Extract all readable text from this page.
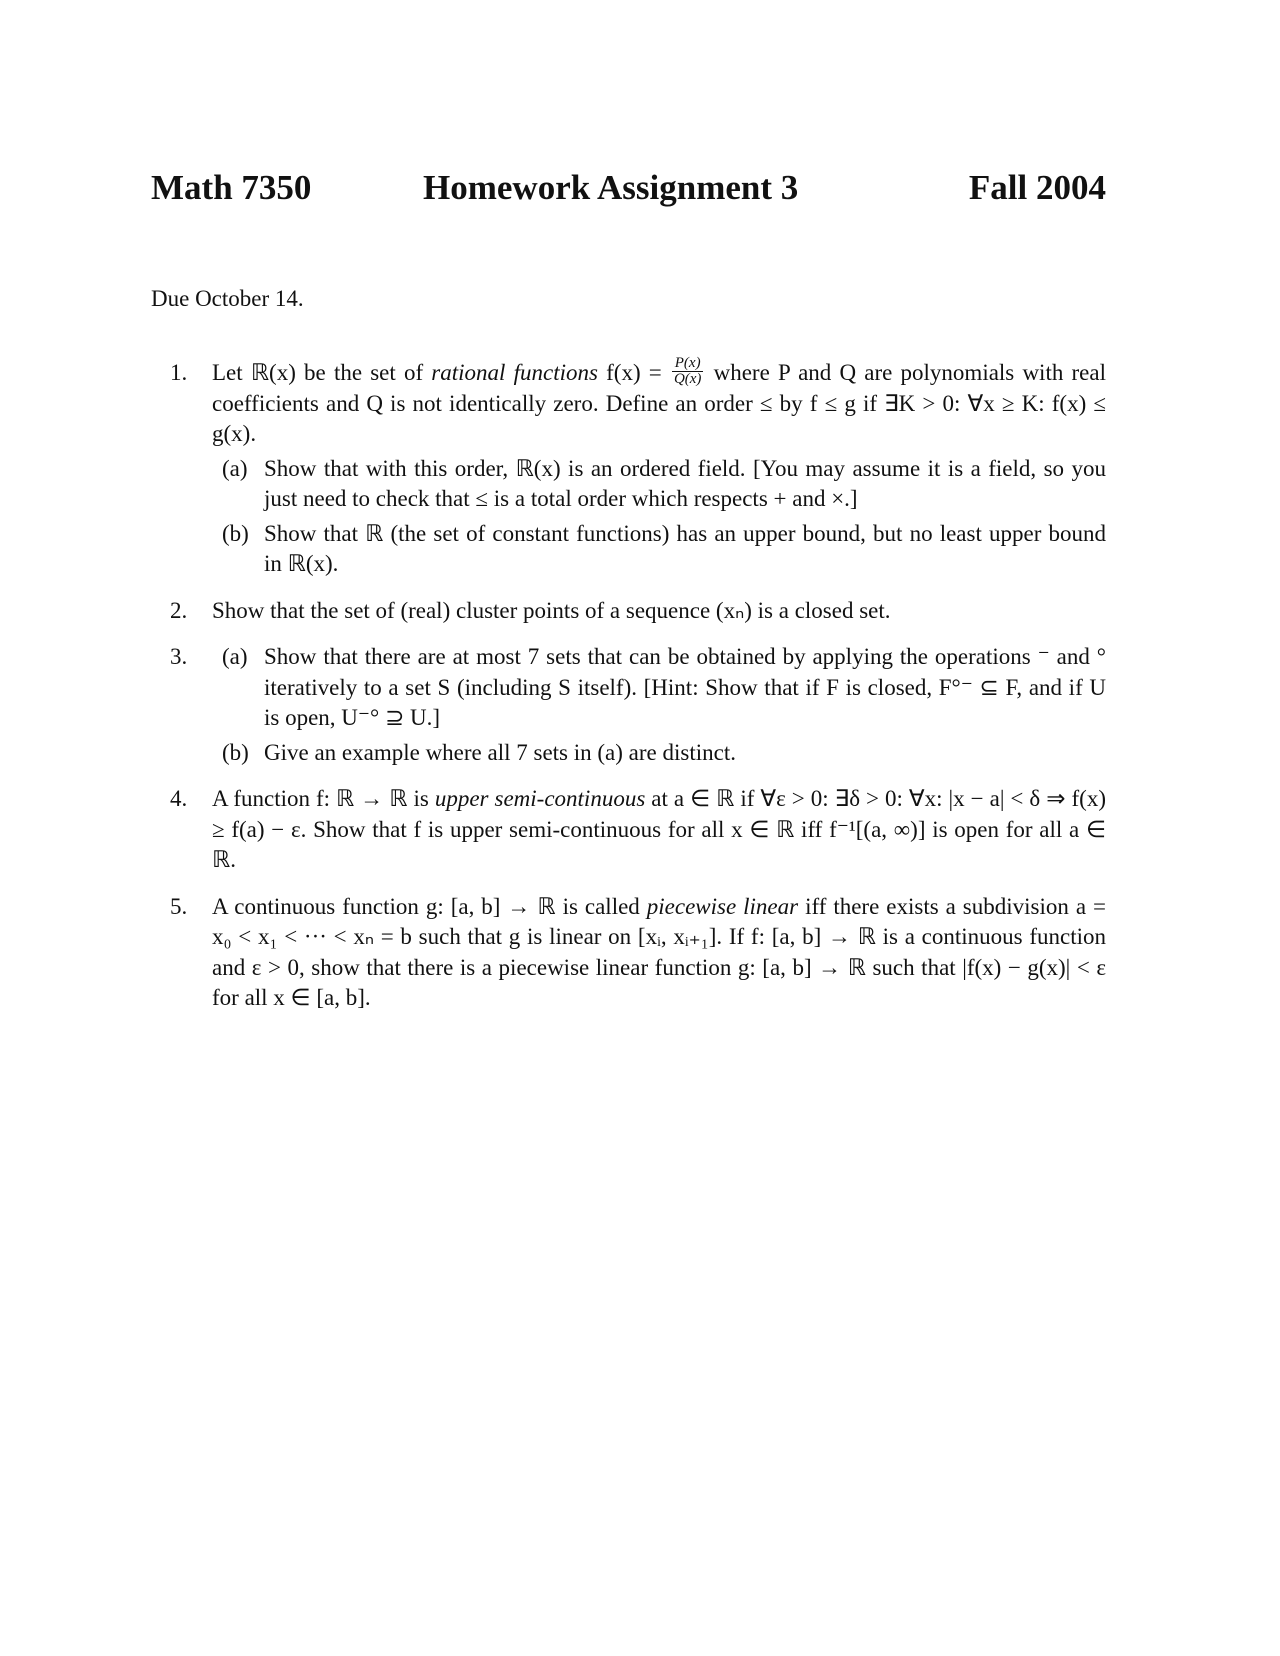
Math 7350	Homework Assignment 3	Fall 2004
Due October 14.
1. Let ℝ(x) be the set of rational functions $f(x) = \frac{P(x)}{Q(x)}$ where P and Q are polynomials with real coefficients and Q is not identically zero. Define an order ≤ by f ≤ g if ∃K > 0: ∀x ≥ K: f(x) ≤ g(x).
(a) Show that with this order, ℝ(x) is an ordered field. [You may assume it is a field, so you just need to check that ≤ is a total order which respects + and ×.]
(b) Show that ℝ (the set of constant functions) has an upper bound, but no least upper bound in ℝ(x).
2. Show that the set of (real) cluster points of a sequence (xₙ) is a closed set.
3. (a) Show that there are at most 7 sets that can be obtained by applying the operations ⁻ and ° iteratively to a set S (including S itself). [Hint: Show that if F is closed, F°⁻ ⊆ F, and if U is open, U⁻° ⊇ U.]
(b) Give an example where all 7 sets in (a) are distinct.
4. A function f: ℝ → ℝ is upper semi-continuous at a ∈ ℝ if ∀ε > 0: ∃δ > 0: ∀x: |x − a| < δ ⇒ f(x) ≥ f(a) − ε. Show that f is upper semi-continuous for all x ∈ ℝ iff f⁻¹[(a, ∞)] is open for all a ∈ ℝ.
5. A continuous function g: [a, b] → ℝ is called piecewise linear iff there exists a subdivision a = x₀ < x₁ < ··· < xₙ = b such that g is linear on [xᵢ, xᵢ₊₁]. If f: [a, b] → ℝ is a continuous function and ε > 0, show that there is a piecewise linear function g: [a, b] → ℝ such that |f(x) − g(x)| < ε for all x ∈ [a, b].
